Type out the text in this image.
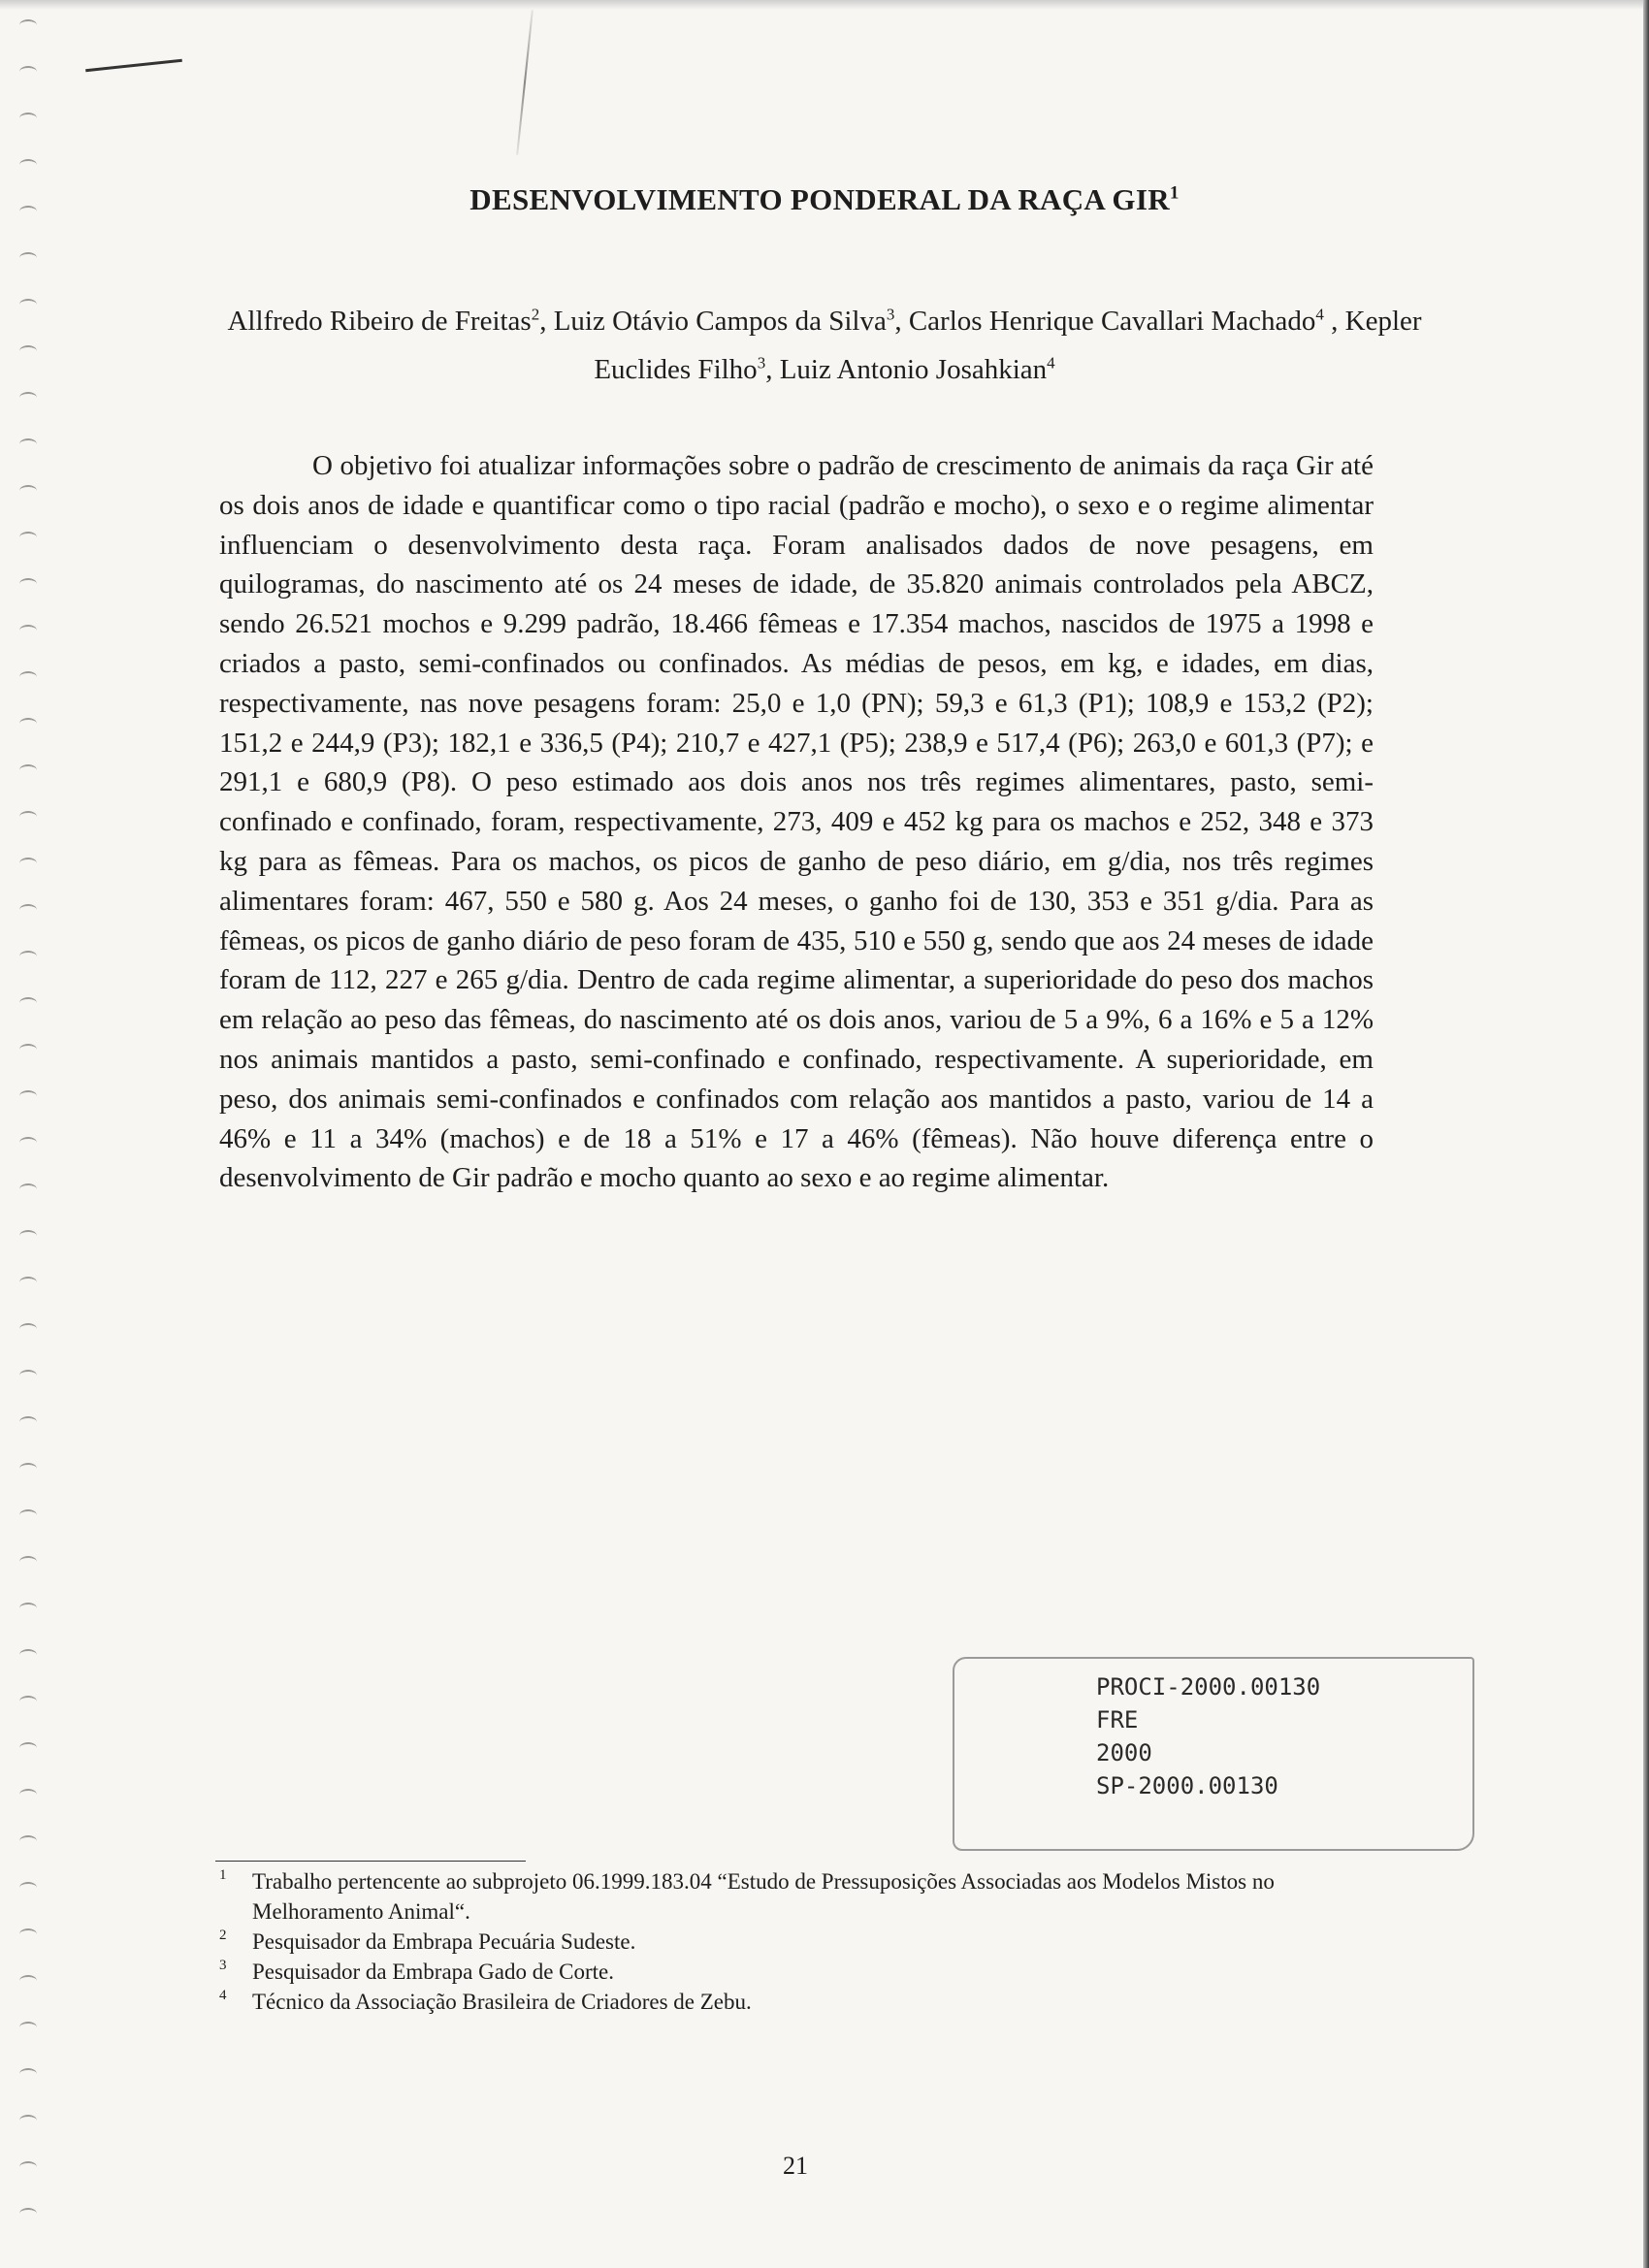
DESENVOLVIMENTO PONDERAL DA RAÇA GIR$^1$
Allfredo Ribeiro de Freitas$^2$, Luiz Otávio Campos da Silva$^3$, Carlos Henrique Cavallari Machado$^4$ , Kepler Euclides Filho$^3$, Luiz Antonio Josahkian$^4$

O objetivo foi atualizar informações sobre o padrão de crescimento de animais da raça Gir até os dois anos de idade e quantificar como o tipo racial (padrão e mocho), o sexo e o regime alimentar influenciam o desenvolvimento desta raça. Foram analisados dados de nove pesagens, em quilogramas, do nascimento até os 24 meses de idade, de 35.820 animais controlados pela ABCZ, sendo 26.521 mochos e 9.299 padrão, 18.466 fêmeas e 17.354 machos, nascidos de 1975 a 1998 e criados a pasto, semi-confinados ou confinados. As médias de pesos, em kg, e idades, em dias, respectivamente, nas nove pesagens foram: 25,0 e 1,0 (PN); 59,3 e 61,3 (P1); 108,9 e 153,2 (P2); 151,2 e 244,9 (P3); 182,1 e 336,5 (P4); 210,7 e 427,1 (P5); 238,9 e 517,4 (P6); 263,0 e 601,3 (P7); e 291,1 e 680,9 (P8). O peso estimado aos dois anos nos três regimes alimentares, pasto, semi-confinado e confinado, foram, respectivamente, 273, 409 e 452 kg para os machos e 252, 348 e 373 kg para as fêmeas. Para os machos, os picos de ganho de peso diário, em g/dia, nos três regimes alimentares foram: 467, 550 e 580 g. Aos 24 meses, o ganho foi de 130, 353 e 351 g/dia. Para as fêmeas, os picos de ganho diário de peso foram de 435, 510 e 550 g, sendo que aos 24 meses de idade foram de 112, 227 e 265 g/dia. Dentro de cada regime alimentar, a superioridade do peso dos machos em relação ao peso das fêmeas, do nascimento até os dois anos, variou de 5 a 9%, 6 a 16% e 5 a 12% nos animais mantidos a pasto, semi-confinado e confinado, respectivamente. A superioridade, em peso, dos animais semi-confinados e confinados com relação aos mantidos a pasto, variou de 14 a 46% e 11 a 34% (machos) e de 18 a 51% e 17 a 46% (fêmeas). Não houve diferença entre o desenvolvimento de Gir padrão e mocho quanto ao sexo e ao regime alimentar.

PROCI-2000.00130
FRE
2000
SP-2000.00130
1 Trabalho pertencente ao subprojeto 06.1999.183.04 “Estudo de Pressuposições Associadas aos Modelos Mistos no Melhoramento Animal“.
2 Pesquisador da Embrapa Pecuária Sudeste.
3 Pesquisador da Embrapa Gado de Corte.
4 Técnico da Associação Brasileira de Criadores de Zebu.
21
